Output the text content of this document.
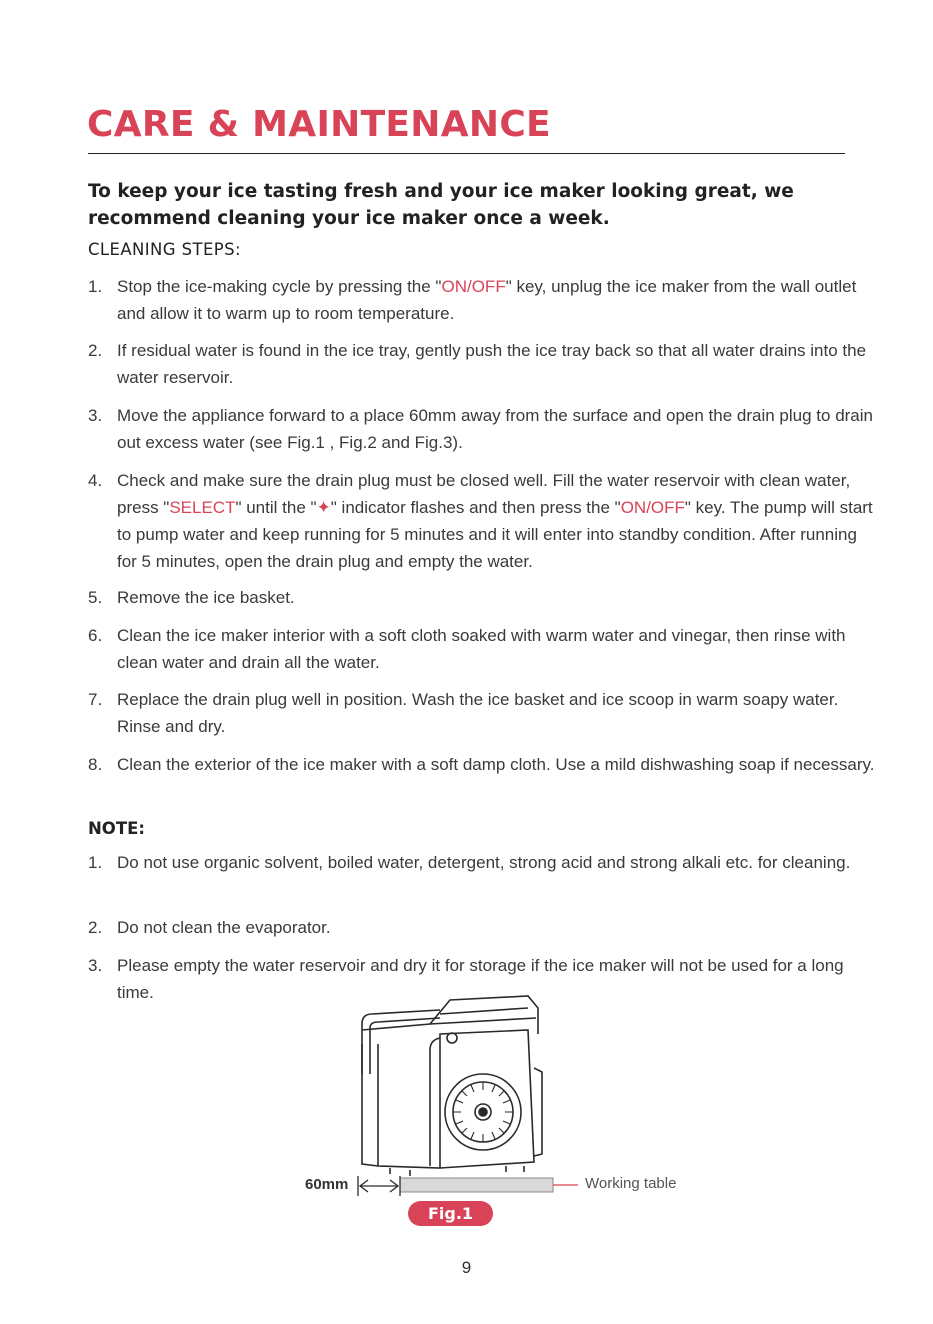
CARE & MAINTENANCE

To keep your ice tasting fresh and your ice maker looking great, we recommend cleaning your ice maker once a week.

CLEANING STEPS:
1. Stop the ice-making cycle by pressing the "ON/OFF" key, unplug the ice maker from the wall outlet and allow it to warm up to room temperature.
2. If residual water is found in the ice tray, gently push the ice tray back so that all water drains into the water reservoir.
3. Move the appliance forward to a place 60mm away from the surface and open the drain plug to drain out excess water (see Fig.1 , Fig.2 and Fig.3).
4. Check and make sure the drain plug must be closed well. Fill the water reservoir with clean water, press "SELECT" until the "✦" indicator flashes and then press the "ON/OFF" key. The pump will start to pump water and keep running for 5 minutes and it will enter into standby condition. After running for 5 minutes, open the drain plug and empty the water.
5. Remove the ice basket.
6. Clean the ice maker interior with a soft cloth soaked with warm water and vinegar, then rinse with clean water and drain all the water.
7. Replace the drain plug well in position. Wash the ice basket and ice scoop in warm soapy water. Rinse and dry.
8. Clean the exterior of the ice maker with a soft damp cloth. Use a mild dishwashing soap if necessary.
NOTE:
1. Do not use organic solvent, boiled water, detergent, strong acid and strong alkali etc. for cleaning.
2. Do not clean the evaporator.
3. Please empty the water reservoir and dry it for storage if the ice maker will not be used for a long time.
60mm	Working table
Fig.1
9
